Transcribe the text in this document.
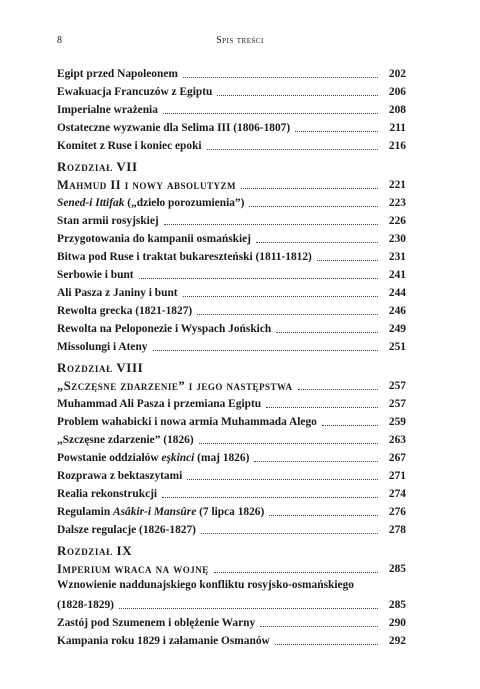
8	Spis treści
Egipt przed Napoleonem	202
Ewakuacja Francuzów z Egiptu	206
Imperialne wrażenia	208
Ostateczne wyzwanie dla Selima III (1806-1807)	211
Komitet z Ruse i koniec epoki	216
Rozdział VII
Mahmud II i nowy absolutyzm	221
Sened-i Ittifak („dzieło porozumienia”)	223
Stan armii rosyjskiej	226
Przygotowania do kampanii osmańskiej	230
Bitwa pod Ruse i traktat bukareszteński (1811-1812)	231
Serbowie i bunt	241
Ali Pasza z Janiny i bunt	244
Rewolta grecka (1821-1827)	246
Rewolta na Peloponezie i Wyspach Jońskich	249
Missolungi i Ateny	251
Rozdział VIII
„Szczęsne zdarzenie” i jego następstwa	257
Muhammad Ali Pasza i przemiana Egiptu	257
Problem wahabicki i nowa armia Muhammada Alego	259
„Szczęsne zdarzenie” (1826)	263
Powstanie oddziałów eşkinci (maj 1826)	267
Rozprawa z bektaszytami	271
Realia rekonstrukcji	274
Regulamin Asâkir-i Mansûre (7 lipca 1826)	276
Dalsze regulacje (1826-1827)	278
Rozdział IX
Imperium wraca na wojnę	285
Wznowienie naddunajskiego konfliktu rosyjsko-osmańskiego
(1828-1829)	285
Zastój pod Szumenem i oblężenie Warny	290
Kampania roku 1829 i załamanie Osmanów	292
